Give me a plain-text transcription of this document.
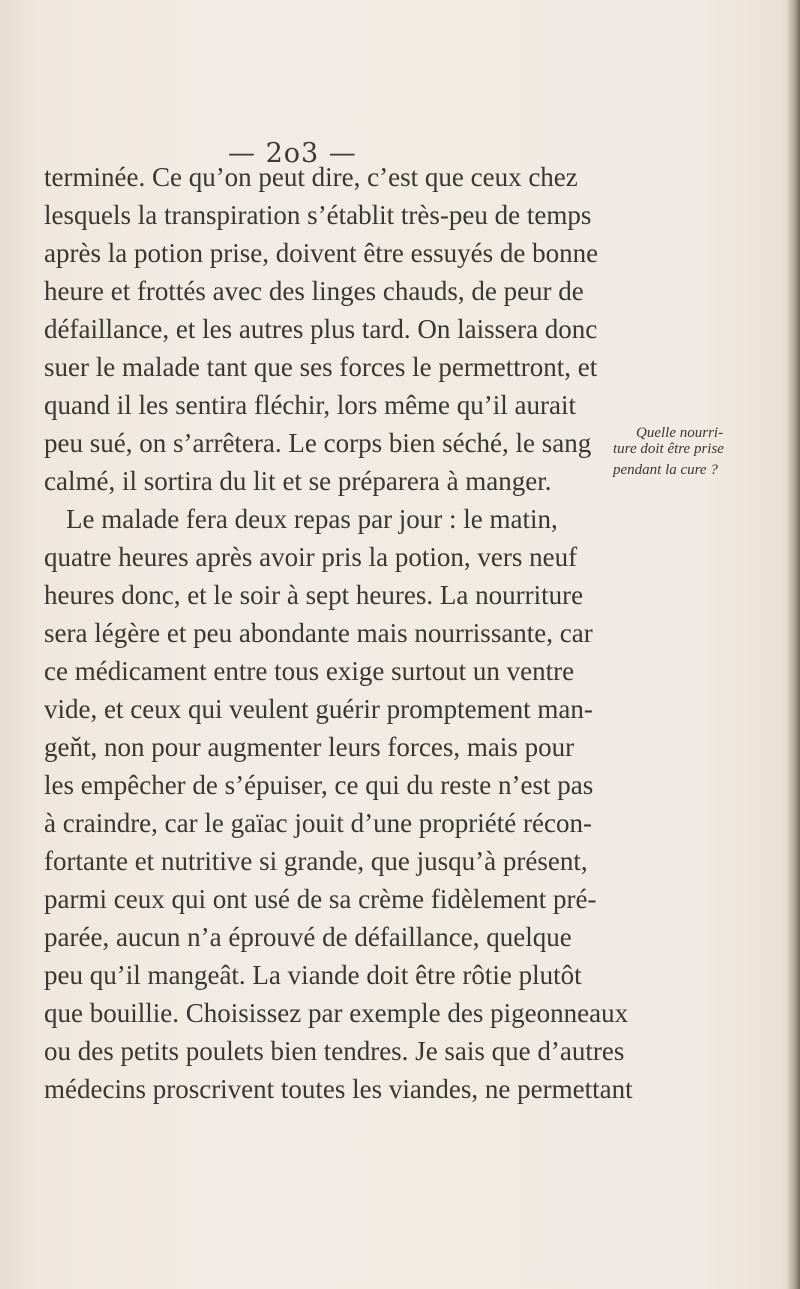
— 2o3 —
terminée. Ce qu’on peut dire, c’est que ceux chez
lesquels la transpiration s’établit très-peu de temps
après la potion prise, doivent être essuyés de bonne
heure et frottés avec des linges chauds, de peur de
défaillance, et les autres plus tard. On laissera donc
suer le malade tant que ses forces le permettront, et
quand il les sentira fléchir, lors même qu’il aurait
peu sué, on s’arrêtera. Le corps bien séché, le sang
calmé, il sortira du lit et se préparera à manger.
Le malade fera deux repas par jour : le matin,
quatre heures après avoir pris la potion, vers neuf
heures donc, et le soir à sept heures. La nourriture
sera légère et peu abondante mais nourrissante, car
ce médicament entre tous exige surtout un ventre
vide, et ceux qui veulent guérir promptement man-
geňt, non pour augmenter leurs forces, mais pour
les empêcher de s’épuiser, ce qui du reste n’est pas
à craindre, car le gaïac jouit d’une propriété récon-
fortante et nutritive si grande, que jusqu’à présent,
parmi ceux qui ont usé de sa crème fidèlement pré-
parée, aucun n’a éprouvé de défaillance, quelque
peu qu’il mangeât. La viande doit être rôtie plutôt
que bouillie. Choisissez par exemple des pigeonneaux
ou des petits poulets bien tendres. Je sais que d’autres
médecins proscrivent toutes les viandes, ne permettant
Quelle nourri-
ture doit être prise
pendant la cure ?
